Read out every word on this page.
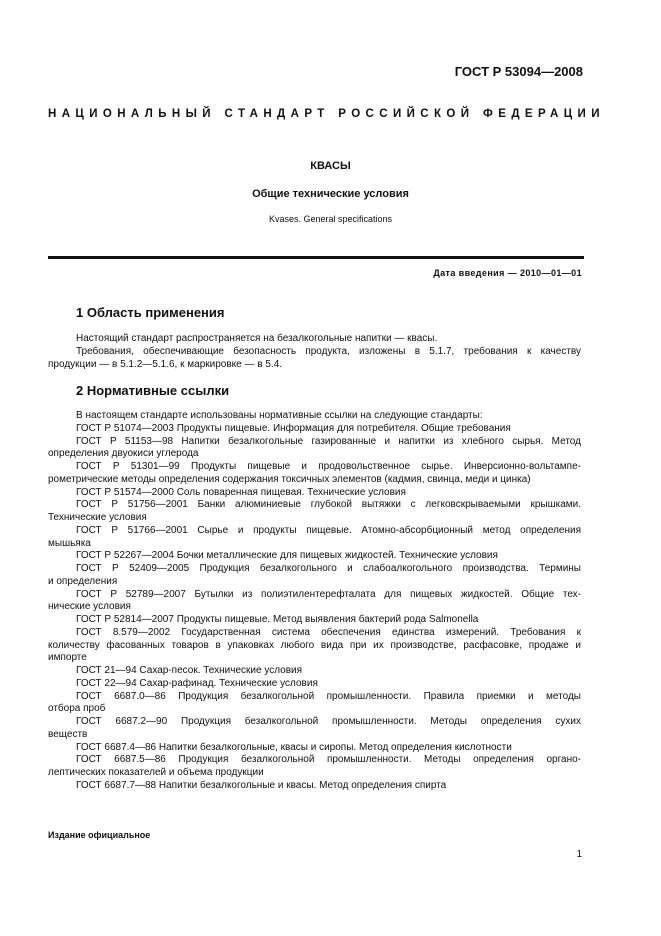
ГОСТ Р 53094—2008
НАЦИОНАЛЬНЫЙ СТАНДАРТ РОССИЙСКОЙ ФЕДЕРАЦИИ
КВАСЫ
Общие технические условия
Kvases. General specifications
Дата введения — 2010—01—01
1 Область применения

Настоящий стандарт распространяется на безалкогольные напитки — квасы.

Требования, обеспечивающие безопасность продукта, изложены в 5.1.7, требования к качеству

продукции — в 5.1.2—5.1.6, к маркировке — в 5.4.

2 Нормативные ссылки

В настоящем стандарте использованы нормативные ссылки на следующие стандарты:

ГОСТ Р 51074—2003 Продукты пищевые. Информация для потребителя. Общие требования

ГОСТ Р 51153—98 Напитки безалкогольные газированные и напитки из хлебного сырья. Метод

определения двуокиси углерода

ГОСТ Р 51301—99 Продукты пищевые и продовольственное сырье. Инверсионно-вольтампе-

рометрические методы определения содержания токсичных элементов (кадмия, свинца, меди и цинка)

ГОСТ Р 51574—2000 Соль поваренная пищевая. Технические условия

ГОСТ Р 51756—2001 Банки алюминиевые глубокой вытяжки с легковскрываемыми крышками.

Технические условия

ГОСТ Р 51766—2001 Сырье и продукты пищевые. Атомно-абсорбционный метод определения

мышьяка

ГОСТ Р 52267—2004 Бочки металлические для пищевых жидкостей. Технические условия

ГОСТ Р 52409—2005 Продукция безалкогольного и слабоалкогольного производства. Термины

и определения

ГОСТ Р 52789—2007 Бутылки из полиэтилентерефталата для пищевых жидкостей. Общие тех-

нические условия

ГОСТ Р 52814—2007 Продукты пищевые. Метод выявления бактерий рода Salmonella

ГОСТ 8.579—2002 Государственная система обеспечения единства измерений. Требования к

количеству фасованных товаров в упаковках любого вида при их производстве, расфасовке, продаже и

импорте

ГОСТ 21—94 Сахар-песок. Технические условия

ГОСТ 22—94 Сахар-рафинад. Технические условия

ГОСТ 6687.0—86 Продукция безалкогольной промышленности. Правила приемки и методы

отбора проб

ГОСТ 6687.2—90 Продукция безалкогольной промышленности. Методы определения сухих

веществ

ГОСТ 6687.4—86 Напитки безалкогольные, квасы и сиропы. Метод определения кислотности

ГОСТ 6687.5—86 Продукция безалкогольной промышленности. Методы определения органо-

лептических показателей и объема продукции

ГОСТ 6687.7—88 Напитки безалкогольные и квасы. Метод определения спирта

Издание официальное
1
